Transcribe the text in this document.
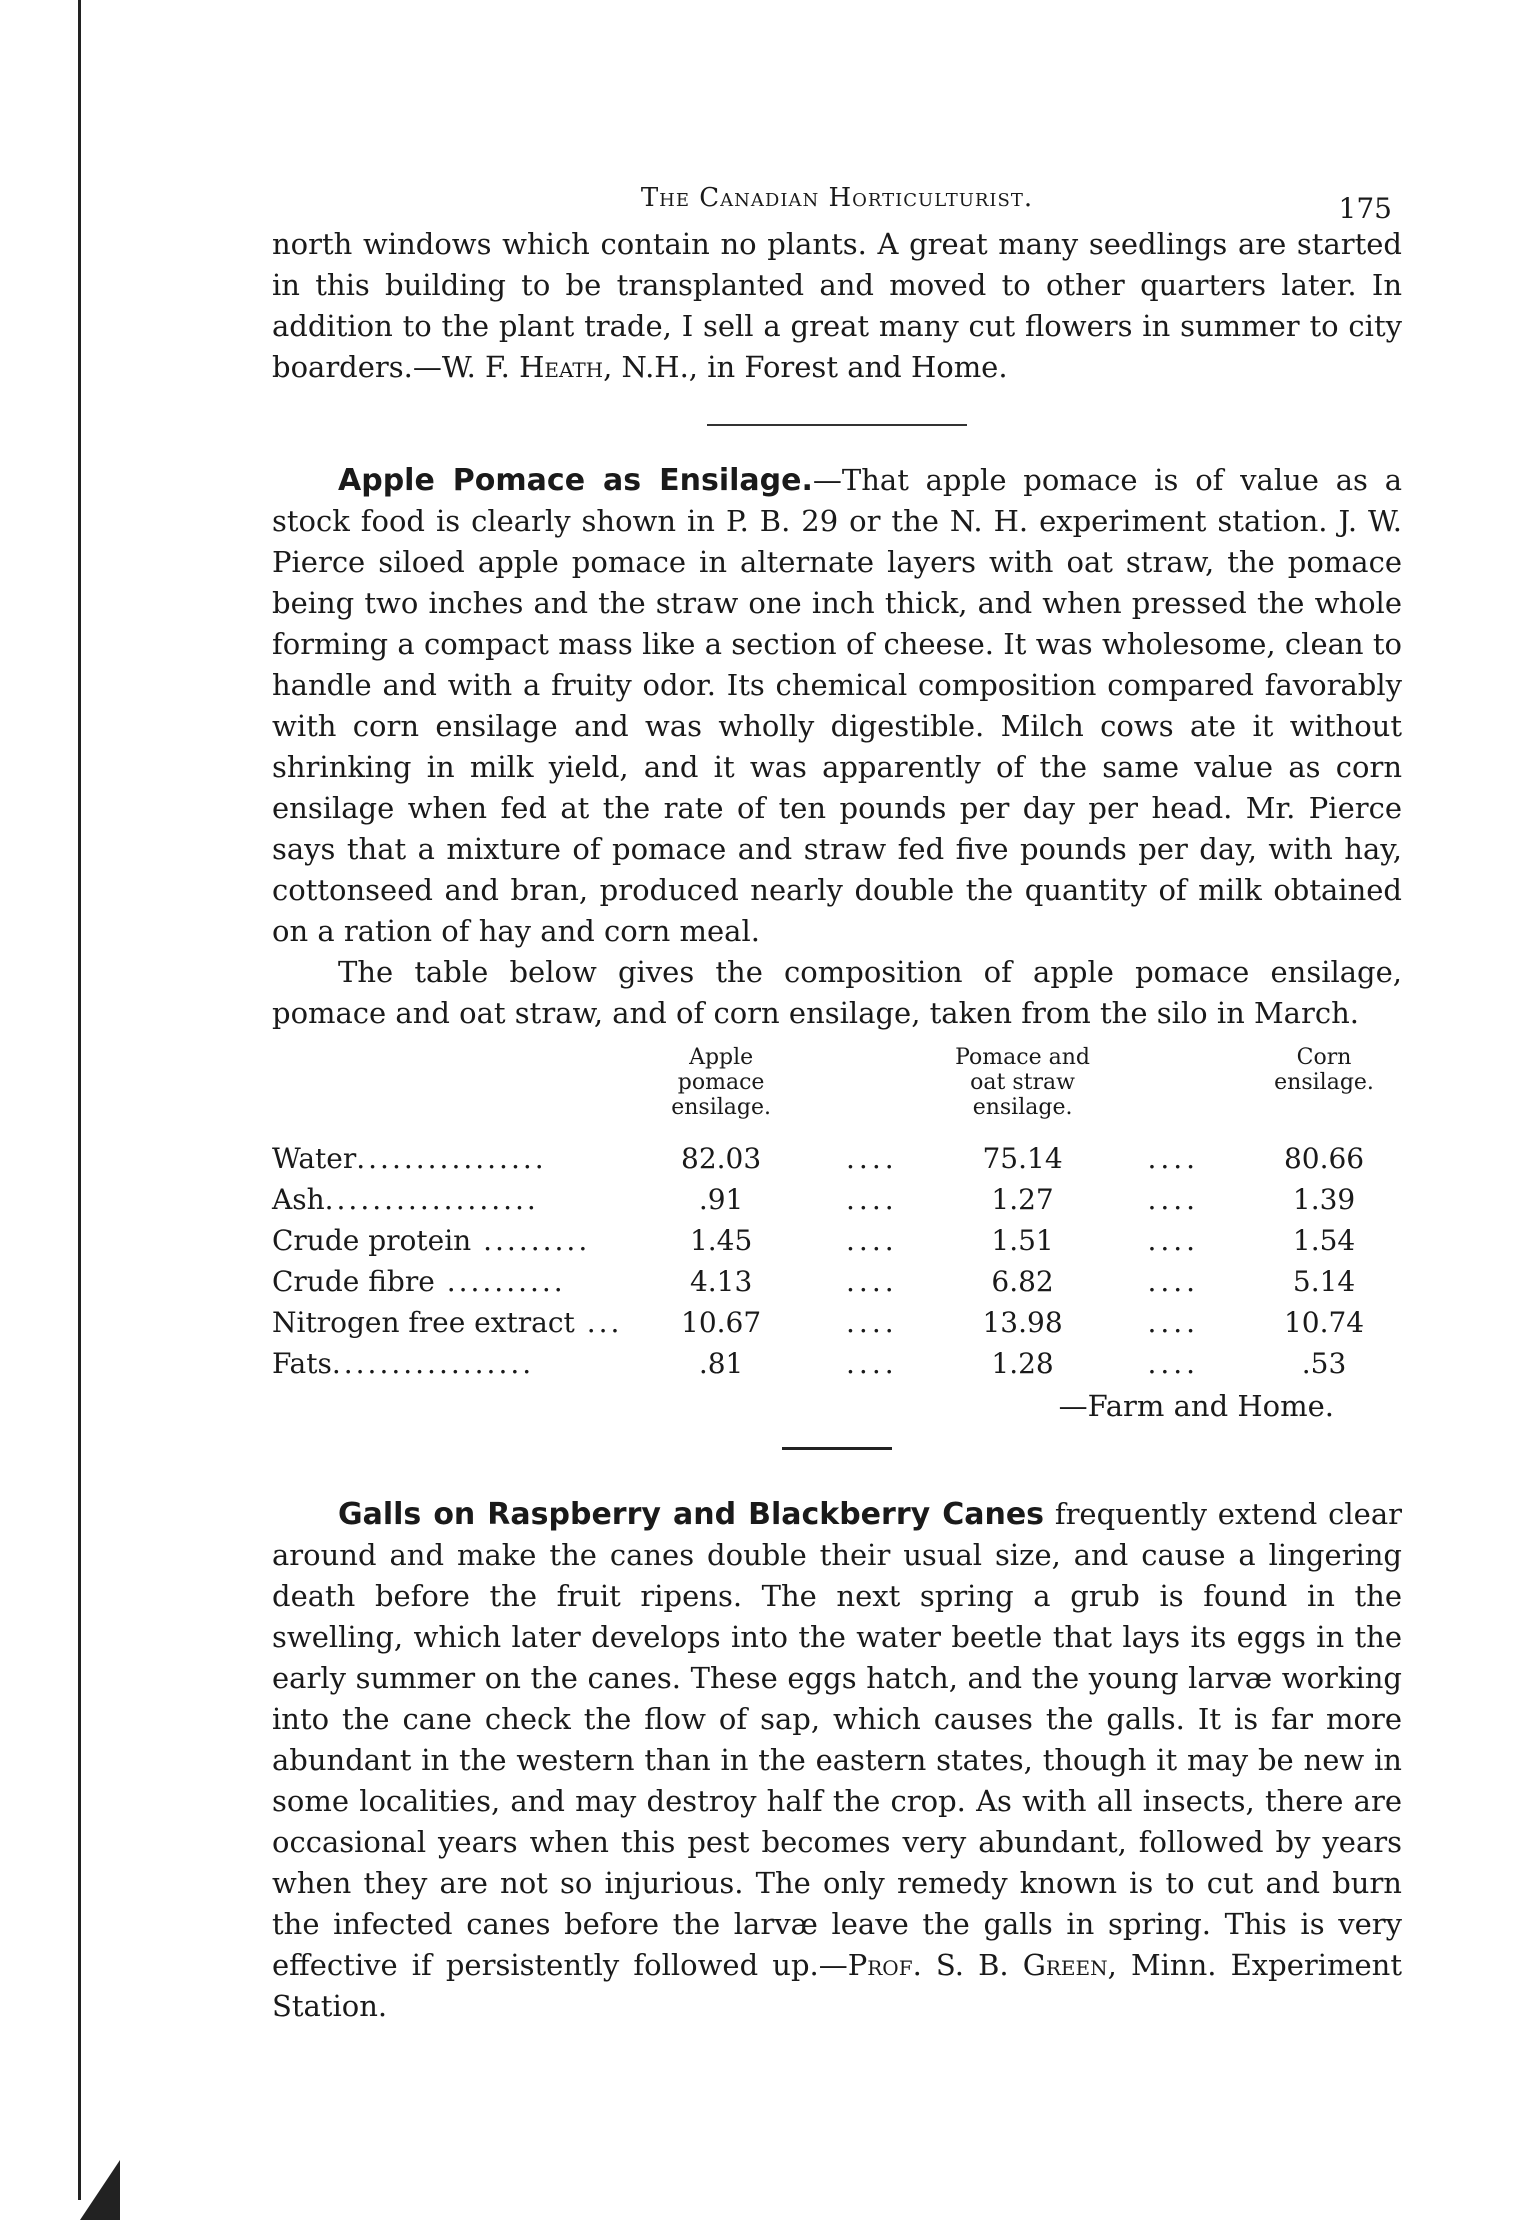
The Canadian Horticulturist.	175

north windows which contain no plants. A great many seedlings are started in this building to be transplanted and moved to other quarters later. In addition to the plant trade, I sell a great many cut flowers in summer to city boarders.—W. F. Heath, N.H., in Forest and Home.

Apple Pomace as Ensilage.—That apple pomace is of value as a stock food is clearly shown in P. B. 29 or the N. H. experiment station. J. W. Pierce siloed apple pomace in alternate layers with oat straw, the pomace being two inches and the straw one inch thick, and when pressed the whole forming a compact mass like a section of cheese. It was wholesome, clean to handle and with a fruity odor. Its chemical composition compared favorably with corn ensilage and was wholly digestible. Milch cows ate it without shrinking in milk yield, and it was apparently of the same value as corn ensilage when fed at the rate of ten pounds per day per head. Mr. Pierce says that a mixture of pomace and straw fed five pounds per day, with hay, cottonseed and bran, produced nearly double the quantity of milk obtained on a ration of hay and corn meal.

The table below gives the composition of apple pomace ensilage, pomace and oat straw, and of corn ensilage, taken from the silo in March.

	Apple pomace ensilage.		Pomace and oat straw ensilage.		Corn ensilage.
Water................	82.03	....	75.14	....	80.66
Ash..................	.91	....	1.27	....	1.39
Crude protein .........	1.45	....	1.51	....	1.54
Crude fibre ..........	4.13	....	6.82	....	5.14
Nitrogen free extract ...	10.67	....	13.98	....	10.74
Fats.................	.81	....	1.28	....	.53
—Farm and Home.

Galls on Raspberry and Blackberry Canes frequently extend clear around and make the canes double their usual size, and cause a lingering death before the fruit ripens. The next spring a grub is found in the swelling, which later develops into the water beetle that lays its eggs in the early summer on the canes. These eggs hatch, and the young larvæ working into the cane check the flow of sap, which causes the galls. It is far more abundant in the western than in the eastern states, though it may be new in some localities, and may destroy half the crop. As with all insects, there are occasional years when this pest becomes very abundant, followed by years when they are not so injurious. The only remedy known is to cut and burn the infected canes before the larvæ leave the galls in spring. This is very effective if persistently followed up.—Prof. S. B. Green, Minn. Experiment Station.
